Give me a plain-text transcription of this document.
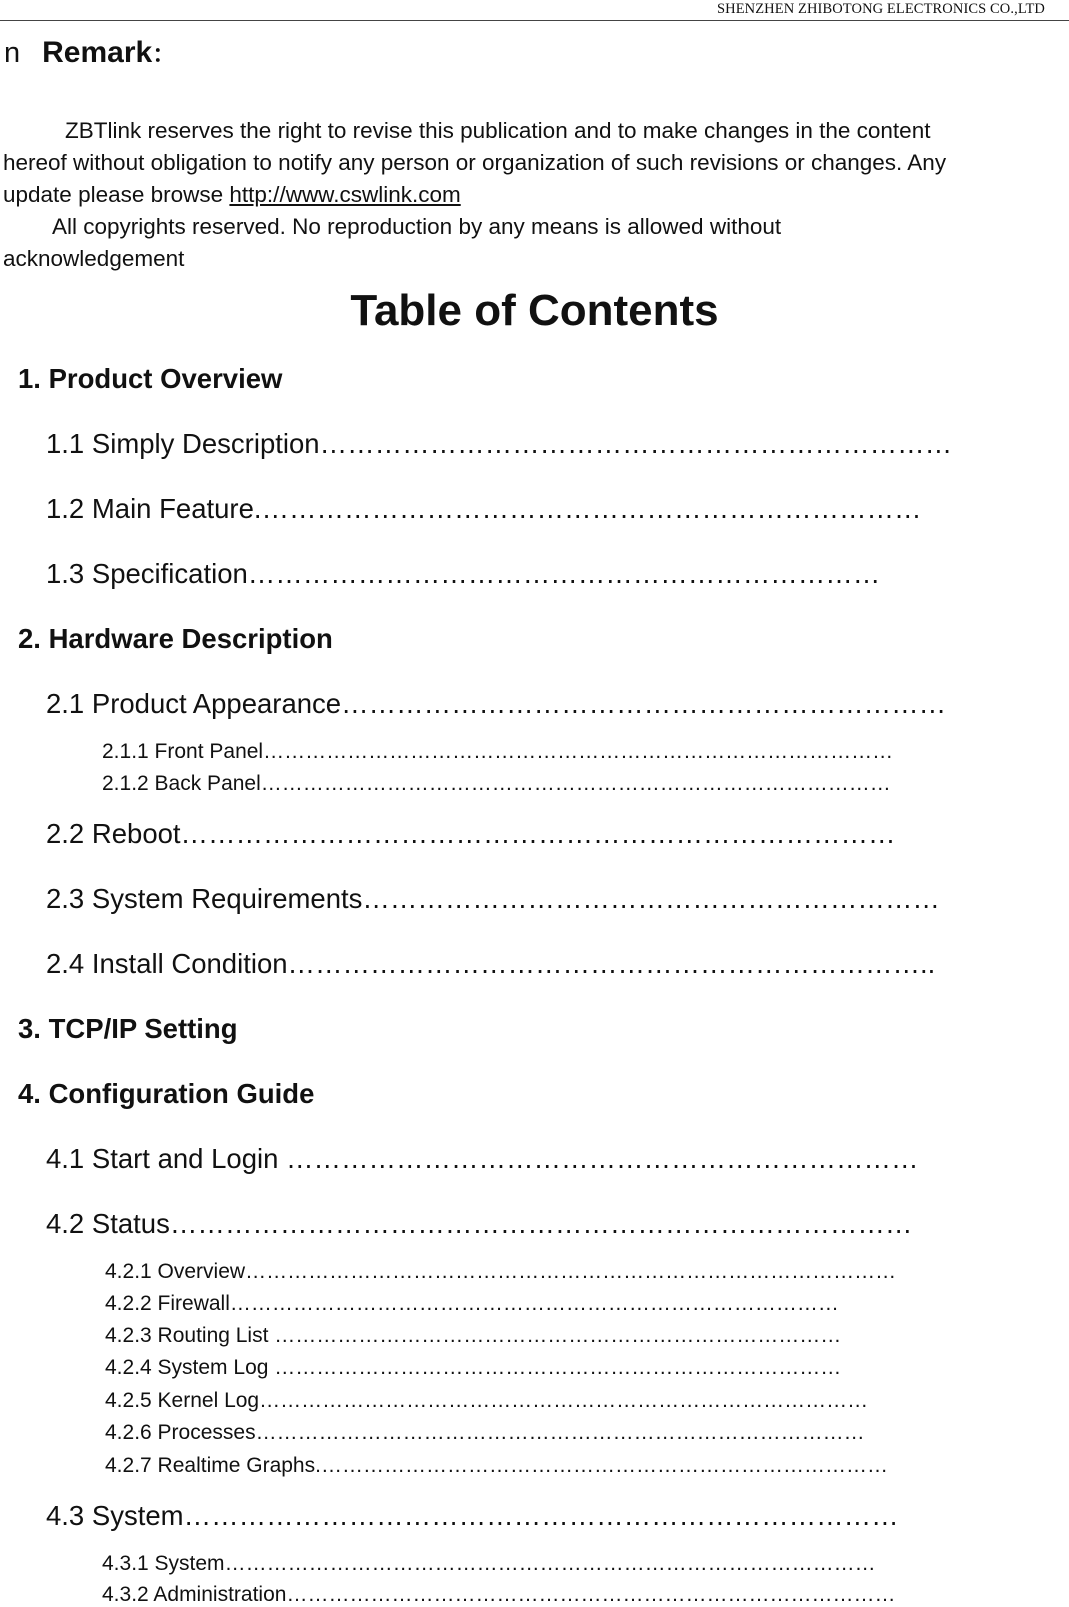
SHENZHEN ZHIBOTONG ELECTRONICS CO.,LTD
n Remark：
ZBTlink reserves the right to revise this publication and to make changes in the content
hereof without obligation to notify any person or organization of such revisions or changes. Any
update please browse http://www.cswlink.com
All copyrights reserved. No reproduction by any means is allowed without
acknowledgement
Table of Contents
1. Product Overview
1.1 Simply Description……………………………………………………………
1.2 Main Feature.………………………………………………………………
1.3 Specification……………………………………………………………
2. Hardware Description
2.1 Product Appearance…………………………………………………………
2.1.1 Front Panel………………………………………………………………………………
2.1.2 Back Panel………………………………………………………………………………
2.2 Reboot……………………………………………………………………
2.3 System Requirements………………………………………………………
2.4 Install Condition……………………………………………………………..
3. TCP/IP Setting
4. Configuration Guide
4.1 Start and Login ……………………………………………………………
4.2 Status………………………………………………………………………
4.2.1 Overview…………………………………………………………………………………
4.2.2 Firewall……………………………………………………………………………
4.2.3 Routing List ………………………………………………………………………
4.2.4 System Log ………………………………………………………………………
4.2.5 Kernel Log……………………………………………………………………………
4.2.6 Processes……………………………………………………………………………
4.2.7 Realtime Graphs.………………………………………………………………………
4.3 System……………………………………………………………………
4.3.1 System…………………………………………………………………………………
4.3.2 Administration……………………………………………………………………………
